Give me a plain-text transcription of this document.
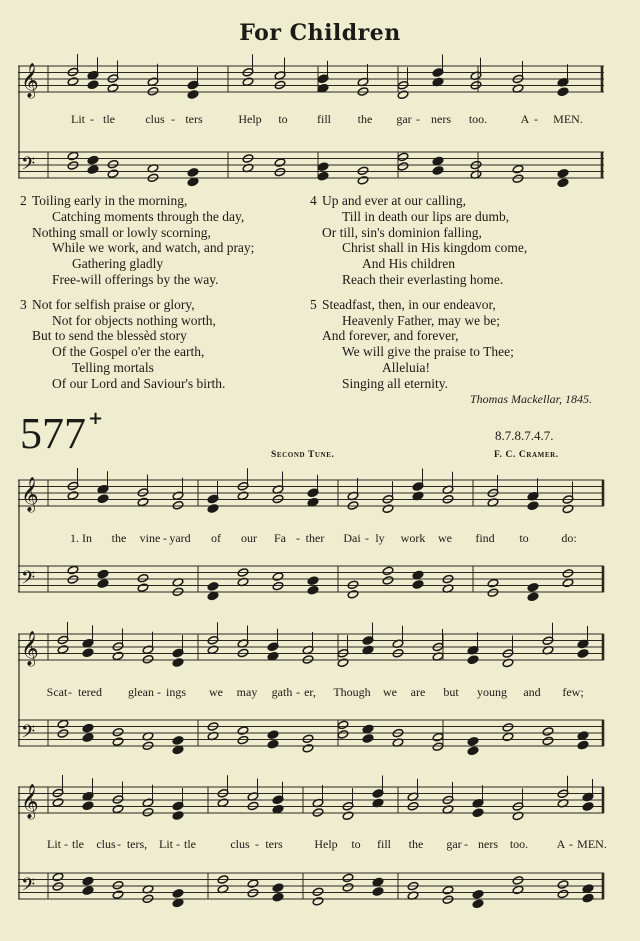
For Children
𝄞
𝄢
Lit - tle	clus - ters	Help to fill the gar - ners too.	A - MEN.
2 Toiling early in the morning,
Catching moments through the day,
Nothing small or lowly scorning,
While we work, and watch, and pray;
Gathering gladly
Free-will offerings by the way.
3 Not for selfish praise or glory,
Not for objects nothing worth,
But to send the blessèd story
Of the Gospel o'er the earth,
Telling mortals
Of our Lord and Saviour's birth.
4 Up and ever at our calling,
Till in death our lips are dumb,
Or till, sin's dominion falling,
Christ shall in His kingdom come,
And His children
Reach their everlasting home.
5 Steadfast, then, in our endeavor,
Heavenly Father, may we be;
And forever, and forever,
We will give the praise to Thee;
Alleluia!
Singing all eternity.
Thomas Mackellar, 1845.
577 +
8.7.8.7.4.7.
Second Tune.	F. C. Cramer.
𝄞
𝄢
1. In the vine - yard of our Fa - ther Dai - ly work we find to	do:
𝄞
𝄢
Scat - tered glean - ings we may gath - er, Though we are but young and few;
𝄞
𝄢
Lit - tle clus - ters, Lit - tle	clus - ters	Help to fill the gar - ners too. A - MEN.
